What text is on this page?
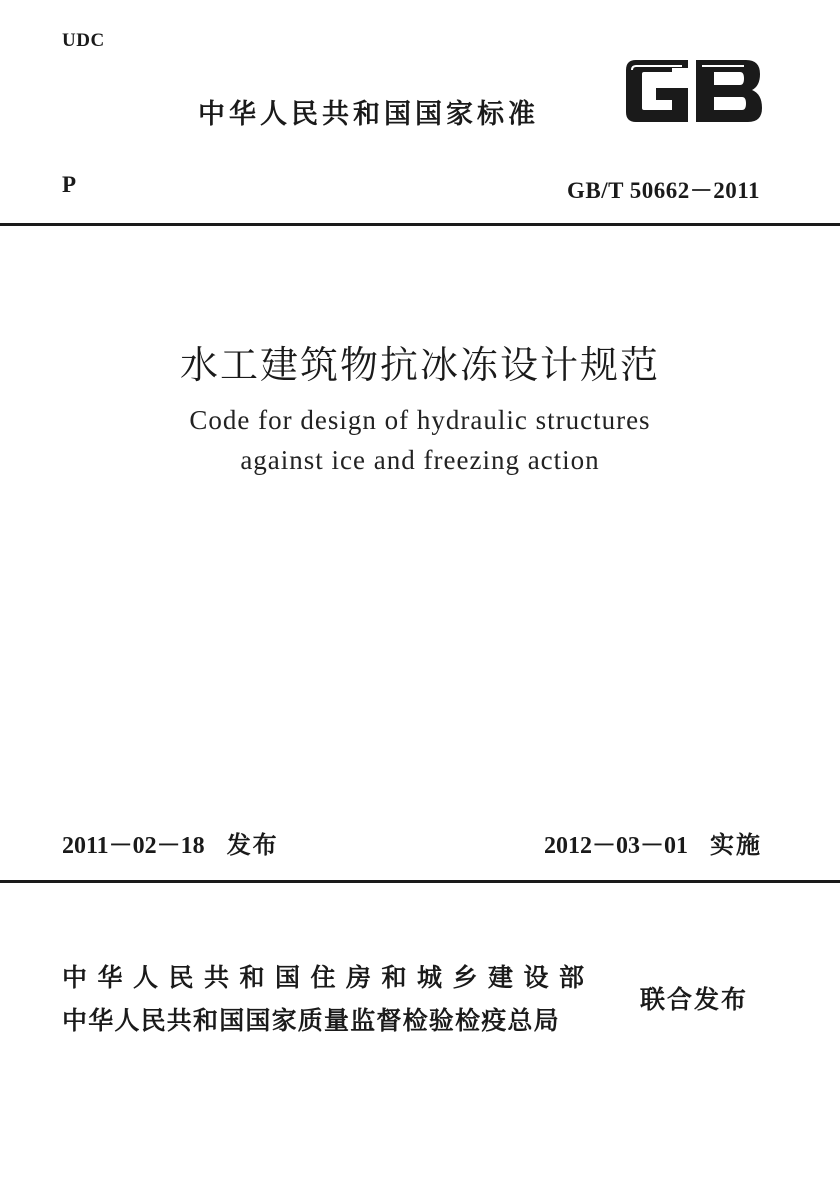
UDC
中华人民共和国国家标准
P	GB/T 50662－2011
水工建筑物抗冰冻设计规范
Code for design of hydraulic structures
against ice and freezing action
2011－02－18 发布	2012－03－01 实施
中华人民共和国住房和城乡建设部
中华人民共和国国家质量监督检验检疫总局
联合发布
